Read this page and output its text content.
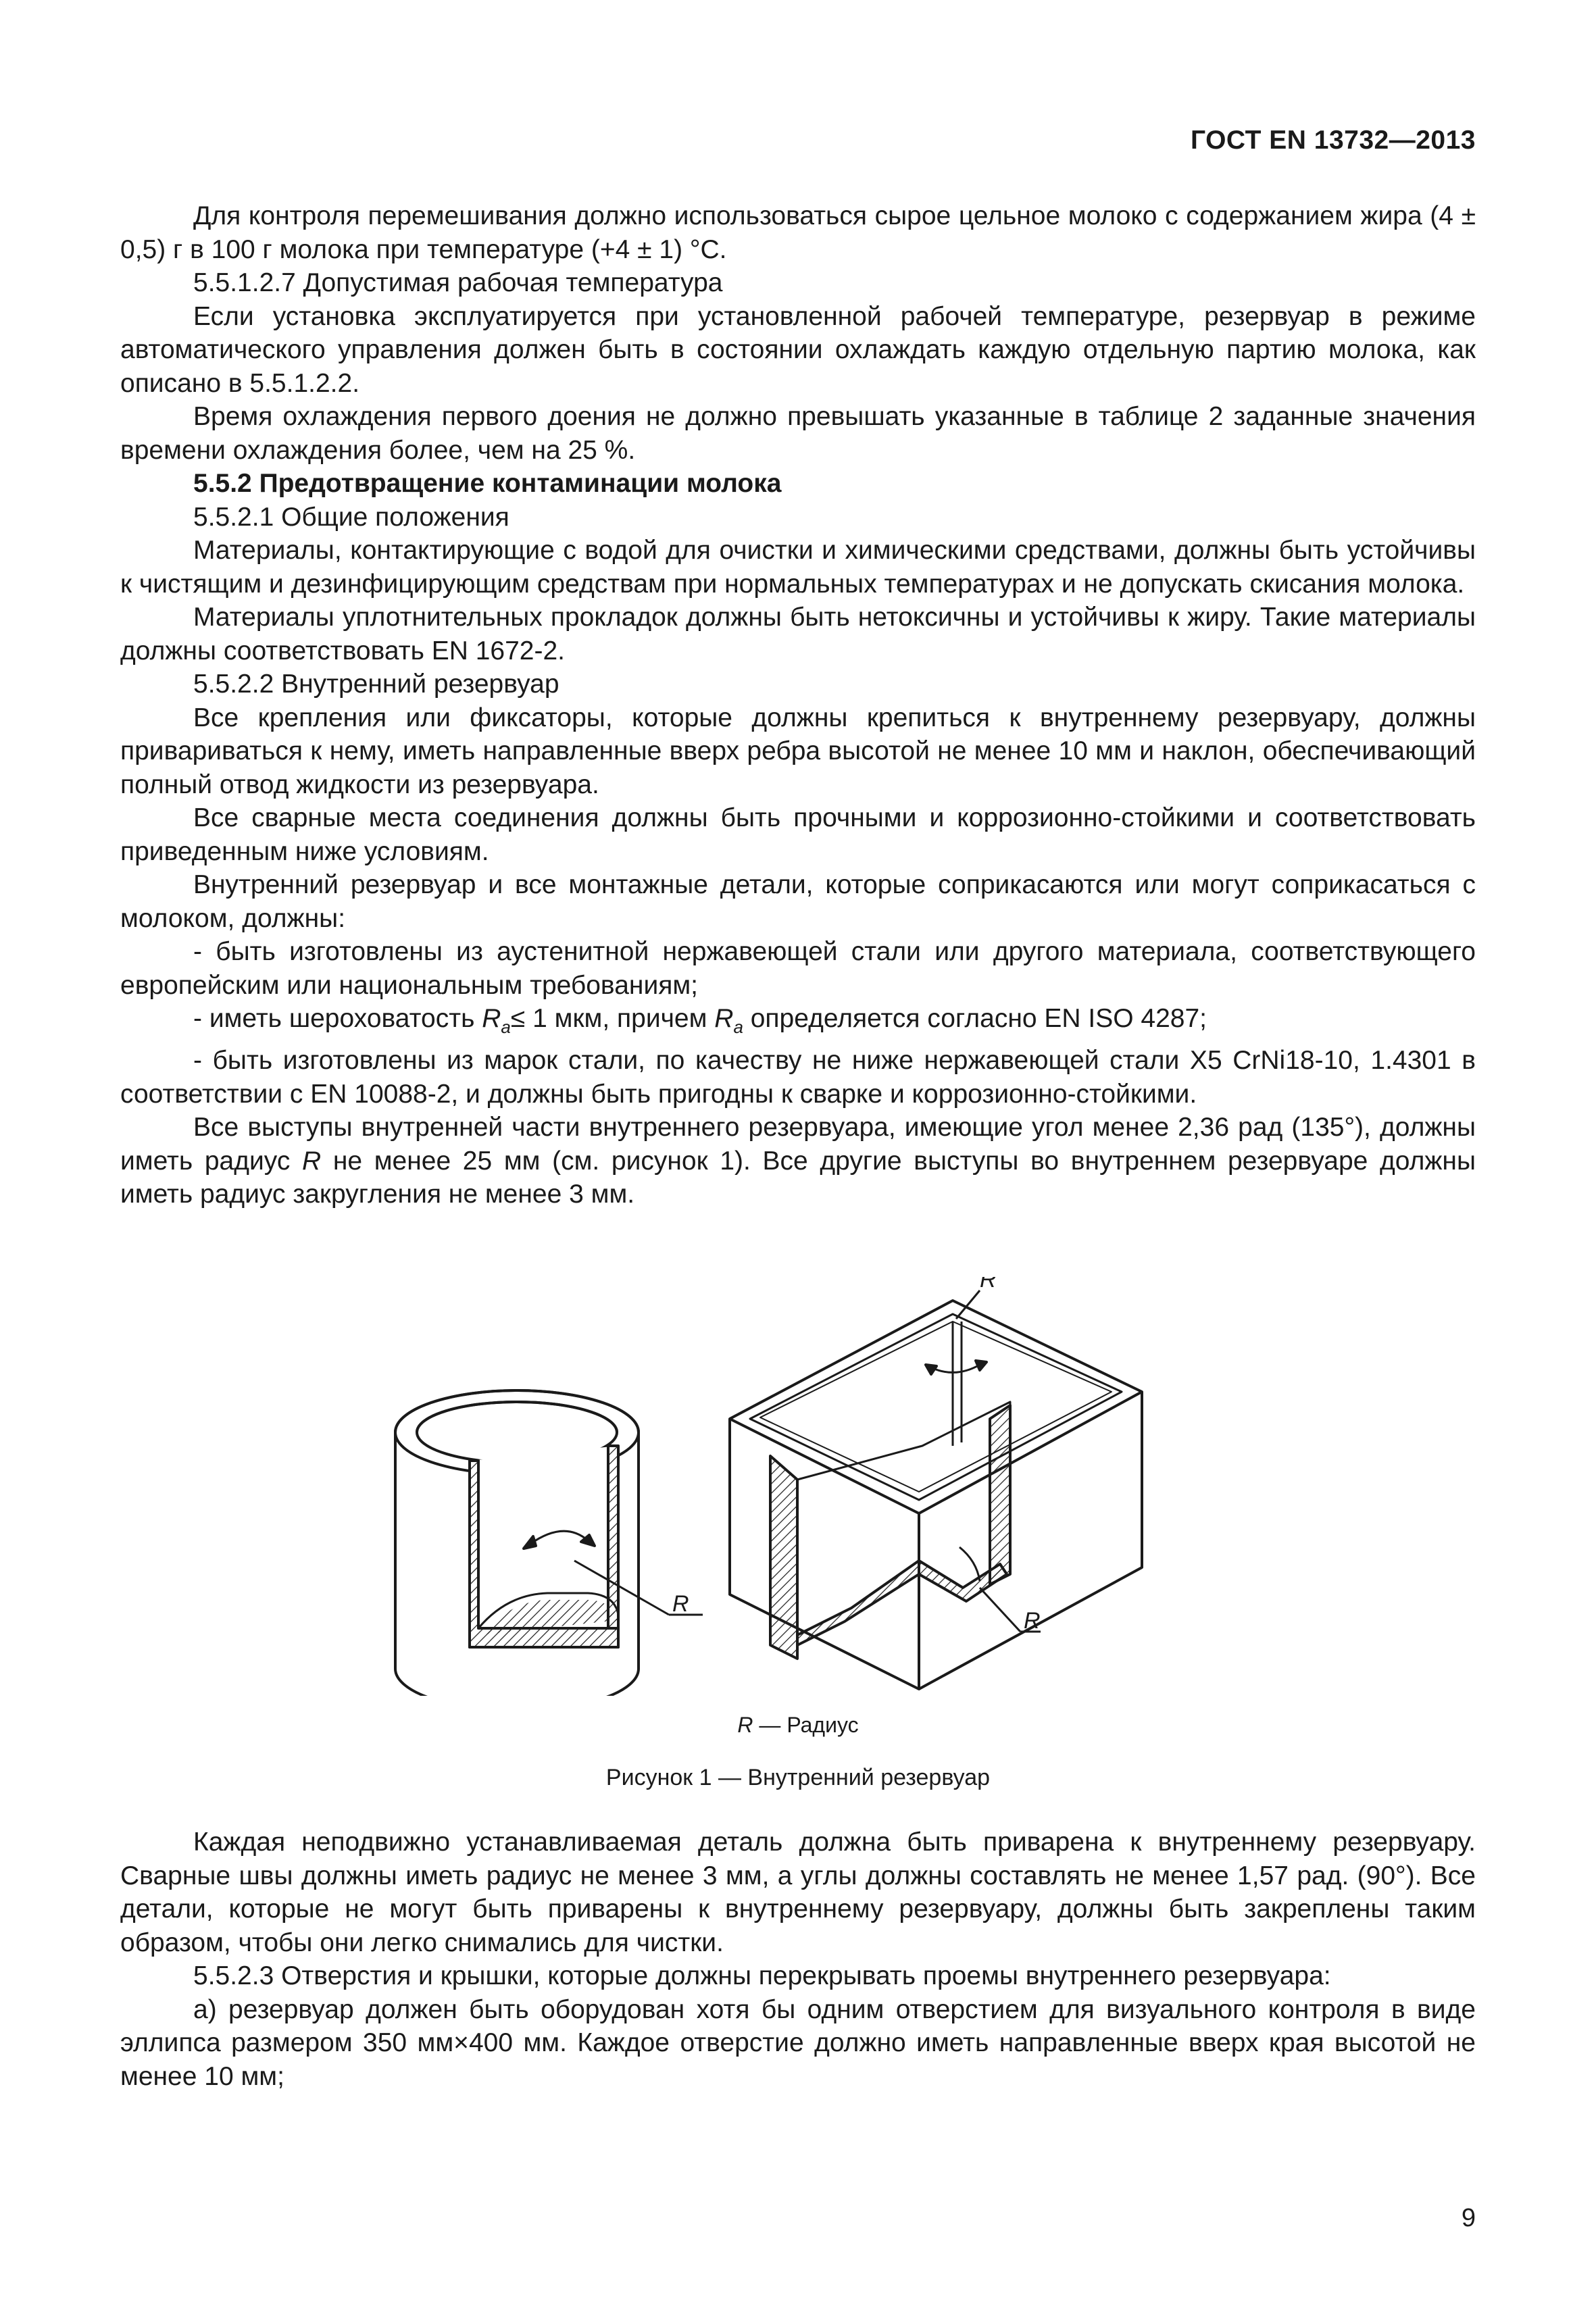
ГОСТ EN 13732—2013

Для контроля перемешивания должно использоваться сырое цельное молоко с содержанием жира (4 ± 0,5) г в 100 г молока при температуре (+4 ± 1) °С.

5.5.1.2.7 Допустимая рабочая температура

Если установка эксплуатируется при установленной рабочей температуре, резервуар в режиме автоматического управления должен быть в состоянии охлаждать каждую отдельную партию молока, как описано в 5.5.1.2.2.

Время охлаждения первого доения не должно превышать указанные в таблице 2 заданные значения времени охлаждения более, чем на 25 %.

5.5.2 Предотвращение контаминации молока

5.5.2.1 Общие положения

Материалы, контактирующие с водой для очистки и химическими средствами, должны быть устойчивы к чистящим и дезинфицирующим средствам при нормальных температурах и не допускать скисания молока.

Материалы уплотнительных прокладок должны быть нетоксичны и устойчивы к жиру. Такие материалы должны соответствовать EN 1672-2.

5.5.2.2 Внутренний резервуар

Все крепления или фиксаторы, которые должны крепиться к внутреннему резервуару, должны привариваться к нему, иметь направленные вверх ребра высотой не менее 10 мм и наклон, обеспечивающий полный отвод жидкости из резервуара.

Все сварные места соединения должны быть прочными и коррозионно-стойкими и соответствовать приведенным ниже условиям.

Внутренний резервуар и все монтажные детали, которые соприкасаются или могут соприкасаться с молоком, должны:

- быть изготовлены из аустенитной нержавеющей стали или другого материала, соответствующего европейским или национальным требованиям;

- иметь шероховатость $R_a\le 1$ мкм, причем $R_a$ определяется согласно EN ISO 4287;

- быть изготовлены из марок стали, по качеству не ниже нержавеющей стали X5 CrNi18-10, 1.4301 в соответствии с EN 10088-2, и должны быть пригодны к сварке и коррозионно-стойкими.

Все выступы внутренней части внутреннего резервуара, имеющие угол менее 2,36 рад (135°), должны иметь радиус R не менее 25 мм (см. рисунок 1). Все другие выступы во внутреннем резервуаре должны иметь радиус закругления не менее 3 мм.

R
R
R
R — Радиус
Рисунок 1 — Внутренний резервуар

Каждая неподвижно устанавливаемая деталь должна быть приварена к внутреннему резервуару. Сварные швы должны иметь радиус не менее 3 мм, а углы должны составлять не менее 1,57 рад. (90°). Все детали, которые не могут быть приварены к внутреннему резервуару, должны быть закреплены таким образом, чтобы они легко снимались для чистки.

5.5.2.3 Отверстия и крышки, которые должны перекрывать проемы внутреннего резервуара:

а) резервуар должен быть оборудован хотя бы одним отверстием для визуального контроля в виде эллипса размером 350 мм×400 мм. Каждое отверстие должно иметь направленные вверх края высотой не менее 10 мм;

9
